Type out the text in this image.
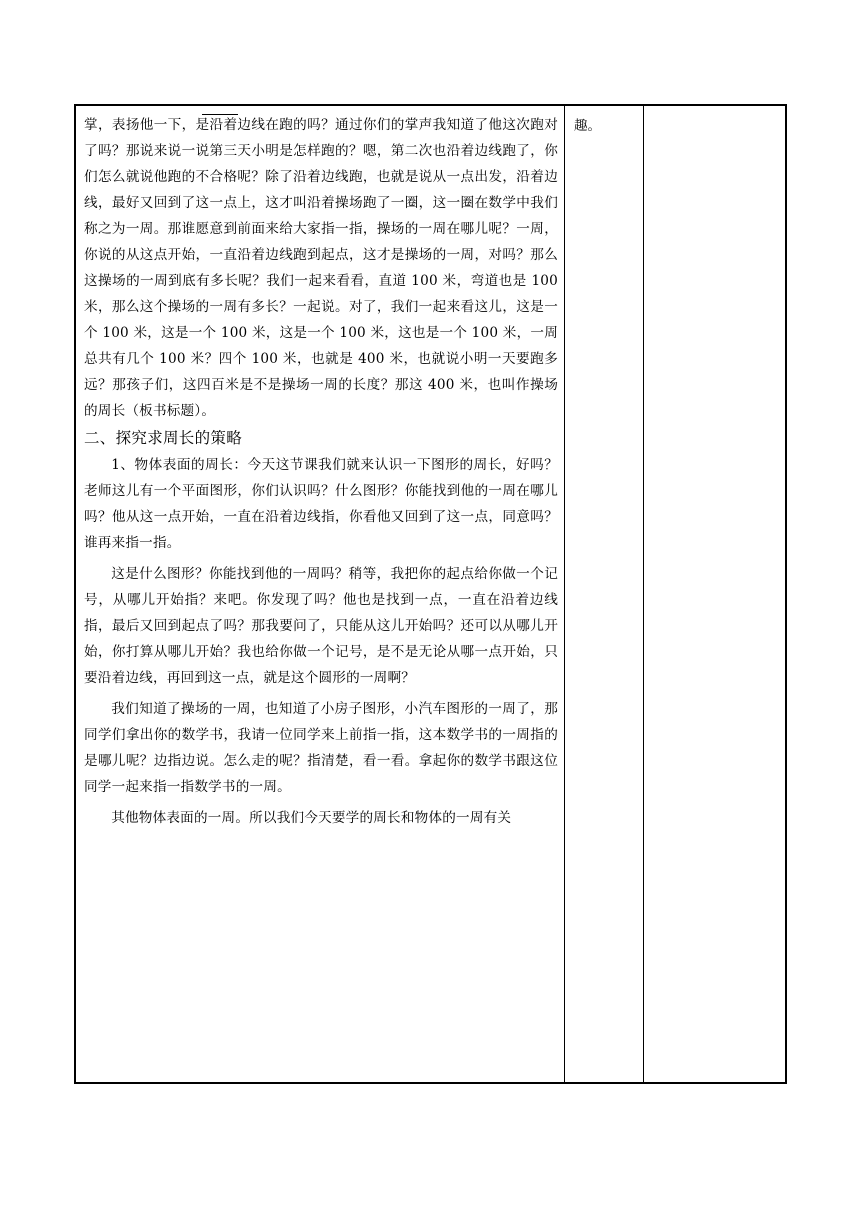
掌，表扬他一下，是沿着边线在跑的吗？通过你们的掌声我知道了他这次跑对了吗？那说来说一说第三天小明是怎样跑的？嗯，第二次也沿着边线跑了，你们怎么就说他跑的不合格呢？除了沿着边线跑，也就是说从一点出发，沿着边线，最好又回到了这一点上，这才叫沿着操场跑了一圈，这一圈在数学中我们称之为一周。那谁愿意到前面来给大家指一指，操场的一周在哪儿呢？一周，你说的从这点开始，一直沿着边线跑到起点，这才是操场的一周，对吗？那么这操场的一周到底有多长呢？我们一起来看看，直道 100 米，弯道也是 100 米，那么这个操场的一周有多长？一起说。对了，我们一起来看这儿，这是一个 100 米，这是一个 100 米，这是一个 100 米，这也是一个 100 米，一周总共有几个 100 米？四个 100 米，也就是 400 米，也就说小明一天要跑多远？那孩子们，这四百米是不是操场一周的长度？那这 400 米，也叫作操场的周长（板书标题）。

二、探究求周长的策略

1、物体表面的周长：今天这节课我们就来认识一下图形的周长，好吗？老师这儿有一个平面图形，你们认识吗？什么图形？你能找到他的一周在哪儿吗？他从这一点开始，一直在沿着边线指，你看他又回到了这一点，同意吗？谁再来指一指。

这是什么图形？你能找到他的一周吗？稍等，我把你的起点给你做一个记号，从哪儿开始指？来吧。你发现了吗？他也是找到一点，一直在沿着边线指，最后又回到起点了吗？那我要问了，只能从这儿开始吗？还可以从哪儿开始，你打算从哪儿开始？我也给你做一个记号，是不是无论从哪一点开始，只要沿着边线，再回到这一点，就是这个圆形的一周啊？

我们知道了操场的一周，也知道了小房子图形，小汽车图形的一周了，那同学们拿出你的数学书，我请一位同学来上前指一指，这本数学书的一周指的是哪儿呢？边指边说。怎么走的呢？指清楚，看一看。拿起你的数学书跟这位同学一起来指一指数学书的一周。

其他物体表面的一周。所以我们今天要学的周长和物体的一周有关

趣。
